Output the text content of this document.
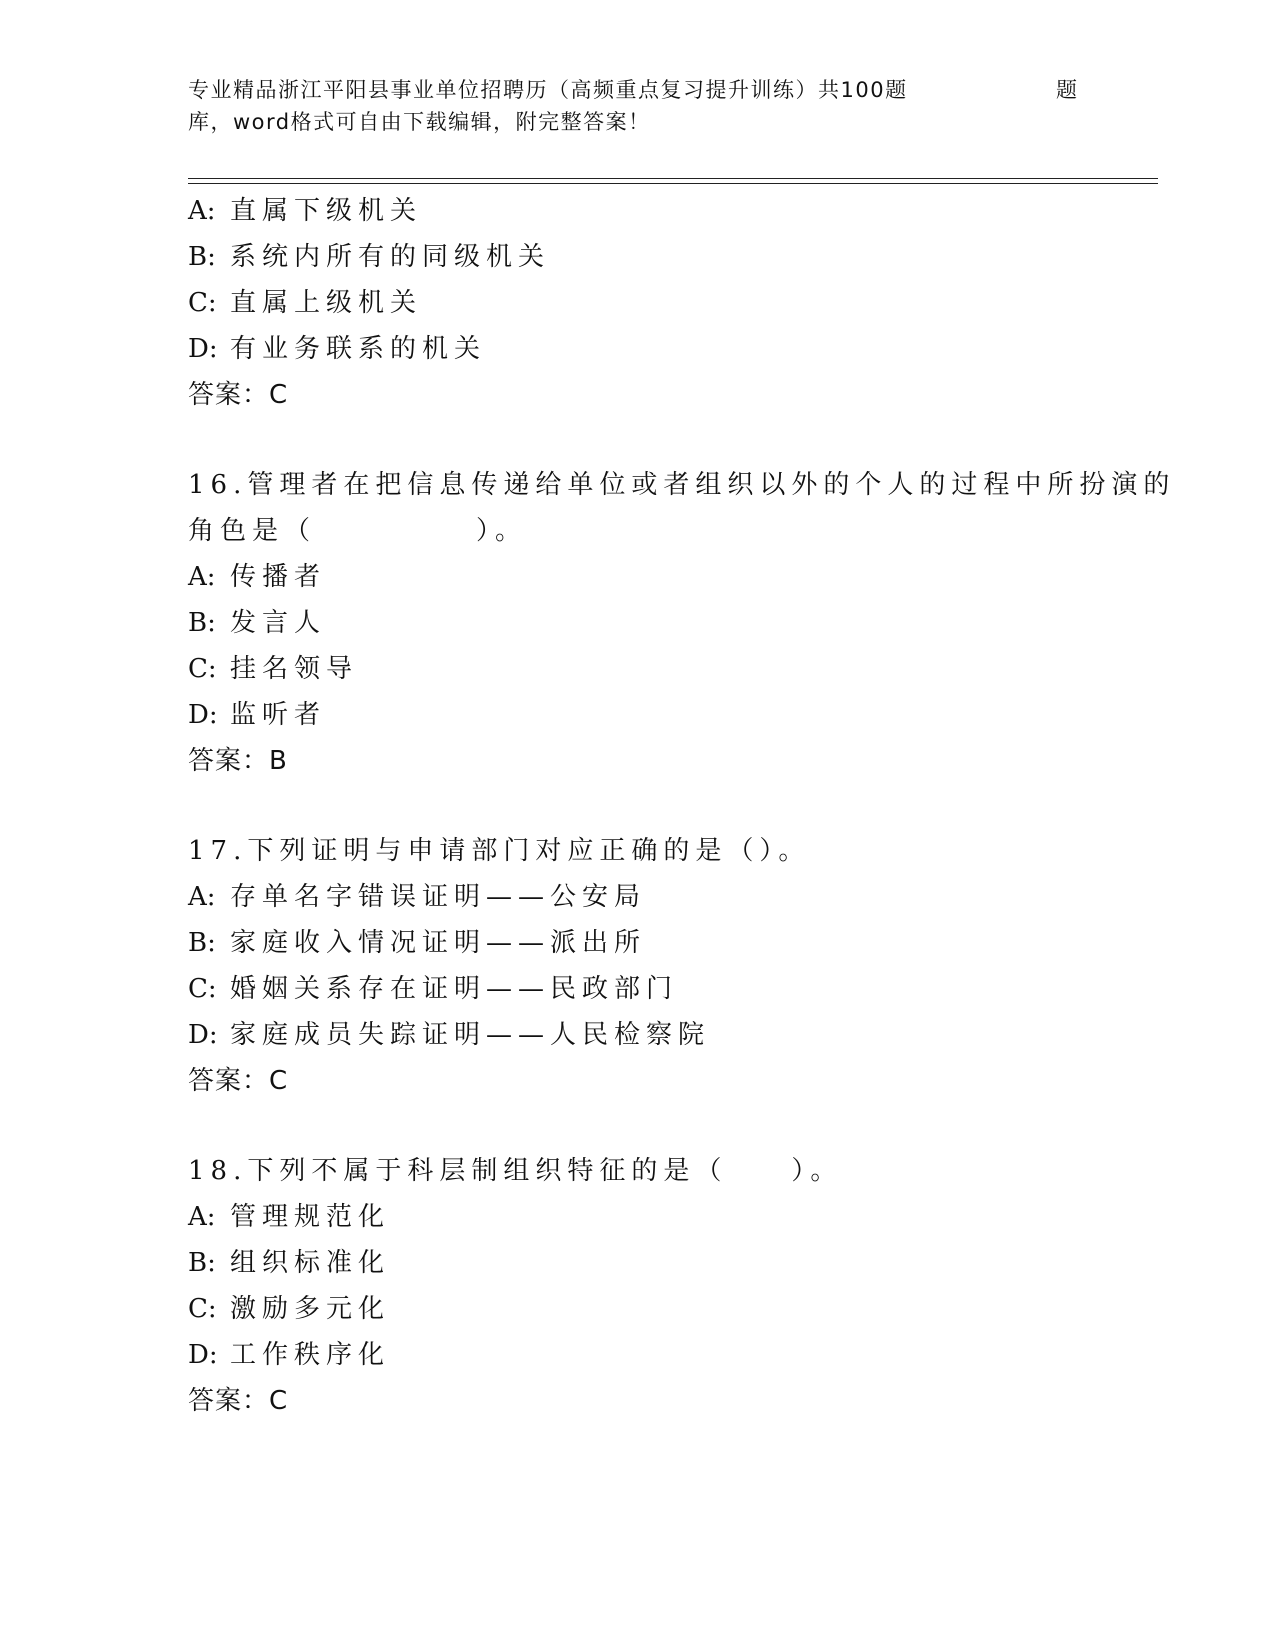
专业精品浙江平阳县事业单位招聘历（高频重点复习提升训练）共100题	题
库，word格式可自由下载编辑，附完整答案！
A: 直属下级机关
B: 系统内所有的同级机关
C: 直属上级机关
D: 有业务联系的机关
答案：C
16.管理者在把信息传递给单位或者组织以外的个人的过程中所扮演的
角色是（　　　　　）。
A: 传播者
B: 发言人
C: 挂名领导
D: 监听者
答案：B
17.下列证明与申请部门对应正确的是（）。
A: 存单名字错误证明——公安局
B: 家庭收入情况证明——派出所
C: 婚姻关系存在证明——民政部门
D: 家庭成员失踪证明——人民检察院
答案：C
18.下列不属于科层制组织特征的是（　　）。
A: 管理规范化
B: 组织标准化
C: 激励多元化
D: 工作秩序化
答案：C
